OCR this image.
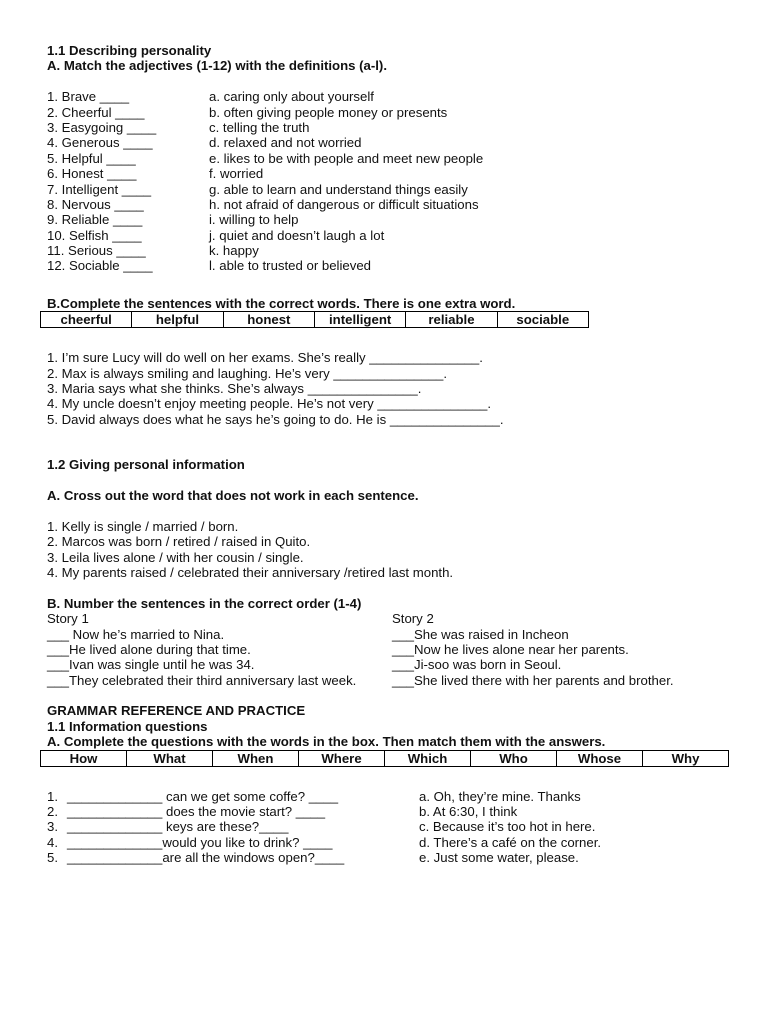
1.1 Describing personality
A. Match the adjectives (1-12) with the definitions (a-l).
1. Brave ____	a. caring only about yourself
2. Cheerful ____	b. often giving people money or presents
3. Easygoing ____	c. telling the truth
4. Generous ____	d. relaxed and not worried
5. Helpful ____	e. likes to be with people and meet new people
6. Honest ____	f. worried
7. Intelligent ____	g. able to learn and understand things easily
8. Nervous ____	h. not afraid of dangerous or difficult situations
9. Reliable ____	i. willing to help
10. Selfish ____	j. quiet and doesn’t laugh a lot
11. Serious ____	k. happy
12. Sociable ____	l. able to trusted or believed
B.Complete the sentences with the correct words. There is one extra word.
cheerful	helpful	honest	intelligent	reliable	sociable
1. I’m sure Lucy will do well on her exams. She’s really _______________.
2. Max is always smiling and laughing. He’s very _______________.
3. Maria says what she thinks. She’s always _______________.
4. My uncle doesn’t enjoy meeting people. He’s not very _______________.
5. David always does what he says he’s going to do. He is _______________.
1.2 Giving personal information
A. Cross out the word that does not work in each sentence.
1. Kelly is single / married / born.
2. Marcos was born / retired / raised in Quito.
3. Leila lives alone / with her cousin / single.
4. My parents raised / celebrated their anniversary /retired last month.
B. Number the sentences in the correct order (1-4)
Story 1
___ Now he’s married to Nina.
___He lived alone during that time.
___Ivan was single until he was 34.
___They celebrated their third anniversary last week.
Story 2
___She was raised in Incheon
___Now he lives alone near her parents.
___Ji-soo was born in Seoul.
___She lived there with her parents and brother.
GRAMMAR REFERENCE AND PRACTICE
1.1 Information questions
A. Complete the questions with the words in the box. Then match them with the answers.
How	What	When	Where	Which	Who	Whose	Why
1. _____________ can we get some coffe? ____	a. Oh, they’re mine. Thanks
2. _____________ does the movie start? ____	b. At 6:30, I think
3. _____________ keys are these?____	c. Because it’s too hot in here.
4. _____________would you like to drink? ____	d. There’s a café on the corner.
5. _____________are all the windows open?____	e. Just some water, please.
